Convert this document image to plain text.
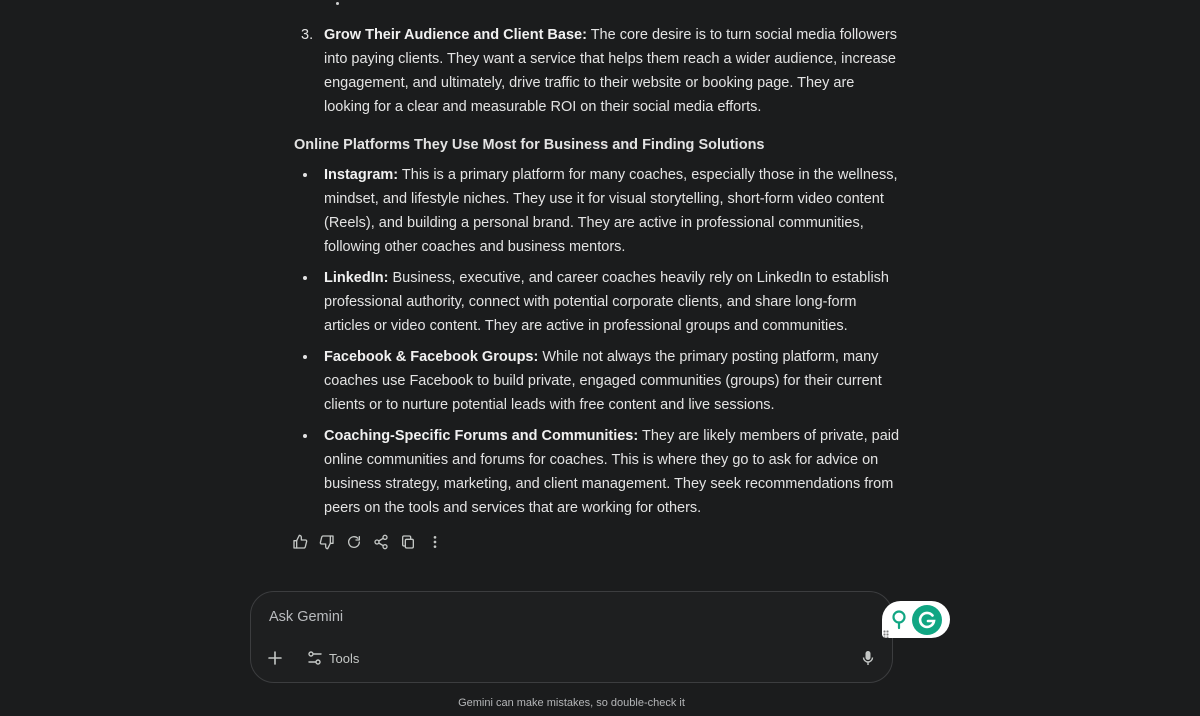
3. Grow Their Audience and Client Base: The core desire is to turn social media followers into paying clients. They want a service that helps them reach a wider audience, increase engagement, and ultimately, drive traffic to their website or booking page. They are looking for a clear and measurable ROI on their social media efforts.
Online Platforms They Use Most for Business and Finding Solutions
Instagram: This is a primary platform for many coaches, especially those in the wellness, mindset, and lifestyle niches. They use it for visual storytelling, short-form video content (Reels), and building a personal brand. They are active in professional communities, following other coaches and business mentors.
LinkedIn: Business, executive, and career coaches heavily rely on LinkedIn to establish professional authority, connect with potential corporate clients, and share long-form articles or video content. They are active in professional groups and communities.
Facebook & Facebook Groups: While not always the primary posting platform, many coaches use Facebook to build private, engaged communities (groups) for their current clients or to nurture potential leads with free content and live sessions.
Coaching-Specific Forums and Communities: They are likely members of private, paid online communities and forums for coaches. This is where they go to ask for advice on business strategy, marketing, and client management. They seek recommendations from peers on the tools and services that are working for others.
Ask Gemini
Tools
Gemini can make mistakes, so double-check it
